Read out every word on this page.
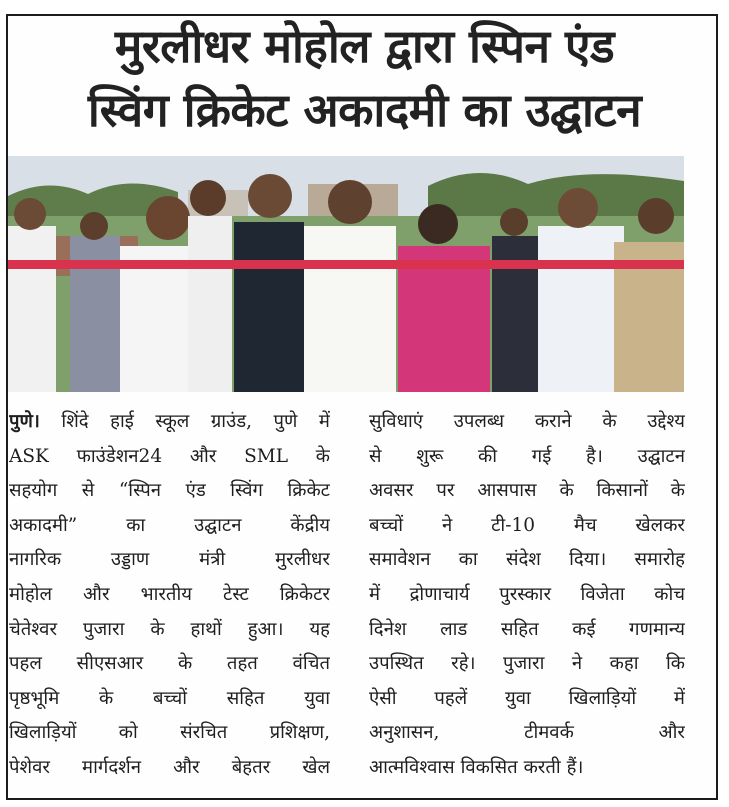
मुरलीधर मोहोल द्वारा स्पिन एंड
स्विंग क्रिकेट अकादमी का उद्घाटन
पुणे। शिंदे हाई स्कूल ग्राउंड, पुणे में
ASK फाउंडेशन24 और SML के
सहयोग से “स्पिन एंड स्विंग क्रिकेट
अकादमी” का उद्घाटन केंद्रीय
नागरिक उड्डाण मंत्री मुरलीधर
मोहोल और भारतीय टेस्ट क्रिकेटर
चेतेश्वर पुजारा के हाथों हुआ। यह
पहल सीएसआर के तहत वंचित
पृष्ठभूमि के बच्चों सहित युवा
खिलाड़ियों को संरचित प्रशिक्षण,
पेशेवर मार्गदर्शन और बेहतर खेल
सुविधाएं उपलब्ध कराने के उद्देश्य
से शुरू की गई है। उद्घाटन
अवसर पर आसपास के किसानों के
बच्चों ने टी-10 मैच खेलकर
समावेशन का संदेश दिया। समारोह
में द्रोणाचार्य पुरस्कार विजेता कोच
दिनेश लाड सहित कई गणमान्य
उपस्थित रहे। पुजारा ने कहा कि
ऐसी पहलें युवा खिलाड़ियों में
अनुशासन, टीमवर्क और
आत्मविश्वास विकसित करती हैं।
